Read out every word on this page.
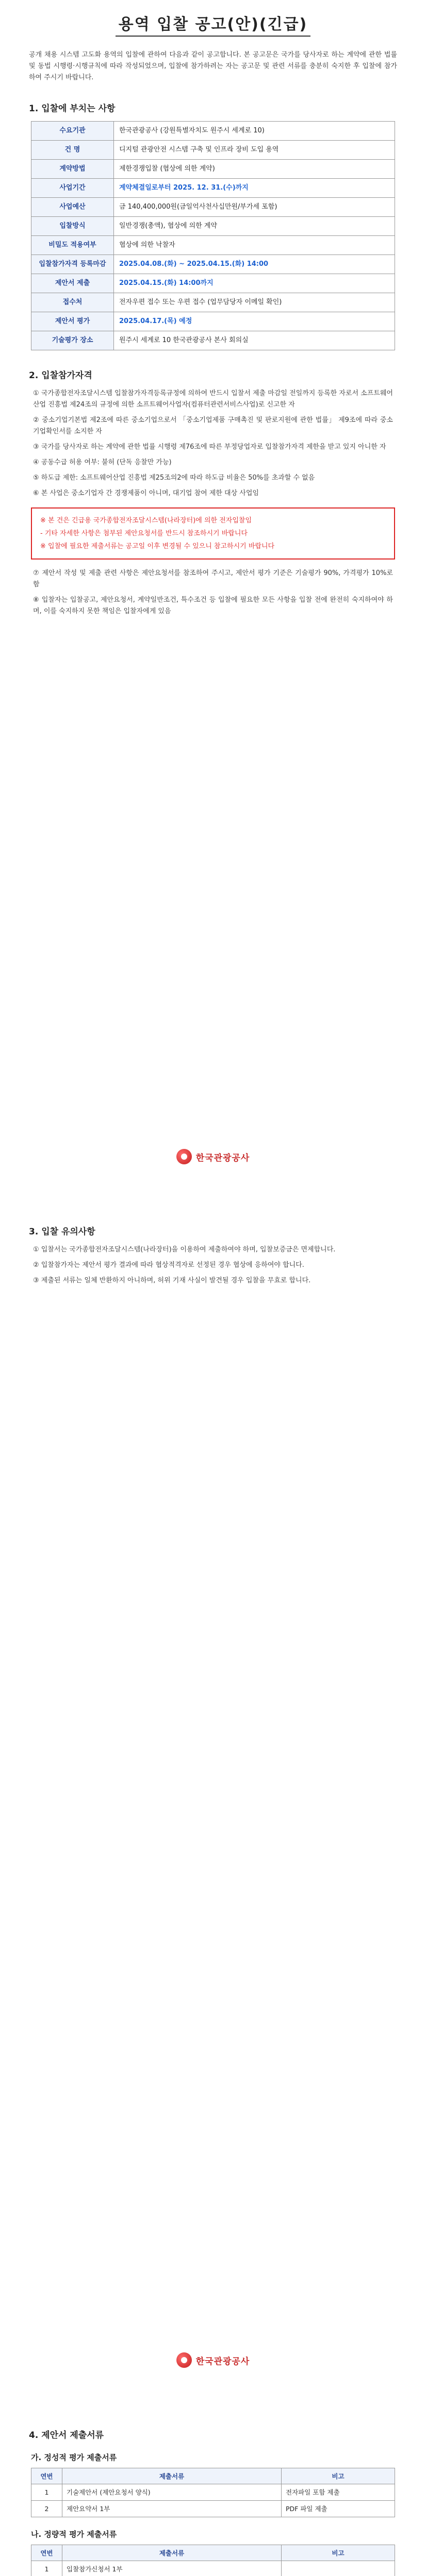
용역 입찰 공고(안)(긴급)
공개 채용 시스템 고도화 용역의 입찰에 관하여 다음과 같이 공고합니다. 본 공고문은 국가를 당사자로 하는 계약에 관한 법률 및 동법 시행령·시행규칙에 따라 작성되었으며, 입찰에 참가하려는 자는 공고문 및 관련 서류를 충분히 숙지한 후 입찰에 참가하여 주시기 바랍니다.
1. 입찰에 부치는 사항
수요기관	한국관광공사 (강원특별자치도 원주시 세계로 10)
건 명	디지털 관광안전 시스템 구축 및 인프라 장비 도입 용역
계약방법	제한경쟁입찰 (협상에 의한 계약)
사업기간	계약체결일로부터 2025. 12. 31.(수)까지
사업예산	금 140,400,000원(금일억사천사십만원/부가세 포함)
입찰방식	일반경쟁(총액), 협상에 의한 계약
비밀도 적용여부	협상에 의한 낙찰자
입찰참가자격 등록마감	2025.04.08.(화) ~ 2025.04.15.(화) 14:00
제안서 제출	2025.04.15.(화) 14:00까지
접수처	전자우편 접수 또는 우편 접수 (업무담당자 이메일 확인)
제안서 평가	2025.04.17.(목) 예정
기술평가 장소	원주시 세계로 10 한국관광공사 본사 회의실
2. 입찰참가자격
① 국가종합전자조달시스템 입찰참가자격등록규정에 의하여 반드시 입찰서 제출 마감일 전일까지 등록한 자로서 소프트웨어산업 진흥법 제24조의 규정에 의한 소프트웨어사업자(컴퓨터관련서비스사업)로 신고한 자
② 중소기업기본법 제2조에 따른 중소기업으로서 「중소기업제품 구매촉진 및 판로지원에 관한 법률」 제9조에 따라 중소기업확인서를 소지한 자
③ 국가를 당사자로 하는 계약에 관한 법률 시행령 제76조에 따른 부정당업자로 입찰참가자격 제한을 받고 있지 아니한 자
④ 공동수급 허용 여부: 불허 (단독 응찰만 가능)
⑤ 하도급 제한: 소프트웨어산업 진흥법 제25조의2에 따라 하도급 비율은 50%를 초과할 수 없음
⑥ 본 사업은 중소기업자 간 경쟁제품이 아니며, 대기업 참여 제한 대상 사업임
※ 본 건은 긴급용 국가종합전자조달시스템(나라장터)에 의한 전자입찰임
- 기타 자세한 사항은 첨부된 제안요청서를 반드시 참조하시기 바랍니다
※ 입찰에 필요한 제출서류는 공고일 이후 변경될 수 있으니 참고하시기 바랍니다
⑦ 제안서 작성 및 제출 관련 사항은 제안요청서를 참조하여 주시고, 제안서 평가 기준은 기술평가 90%, 가격평가 10%로 함
⑧ 입찰자는 입찰공고, 제안요청서, 계약일반조건, 특수조건 등 입찰에 필요한 모든 사항을 입찰 전에 완전히 숙지하여야 하며, 이를 숙지하지 못한 책임은 입찰자에게 있음
한국관광공사
3. 입찰 유의사항
① 입찰서는 국가종합전자조달시스템(나라장터)을 이용하여 제출하여야 하며, 입찰보증금은 면제합니다.
② 입찰참가자는 제안서 평가 결과에 따라 협상적격자로 선정된 경우 협상에 응하여야 합니다.
③ 제출된 서류는 일체 반환하지 아니하며, 허위 기재 사실이 발견될 경우 입찰을 무효로 합니다.
한국관광공사
4. 제안서 제출서류
가. 정성적 평가 제출서류
연번	제출서류	비고
1	기술제안서 (제안요청서 양식)	전자파일 포함 제출
2	제안요약서 1부	PDF 파일 제출
나. 정량적 평가 제출서류
연번	제출서류	비고
1	입찰참가신청서 1부	
